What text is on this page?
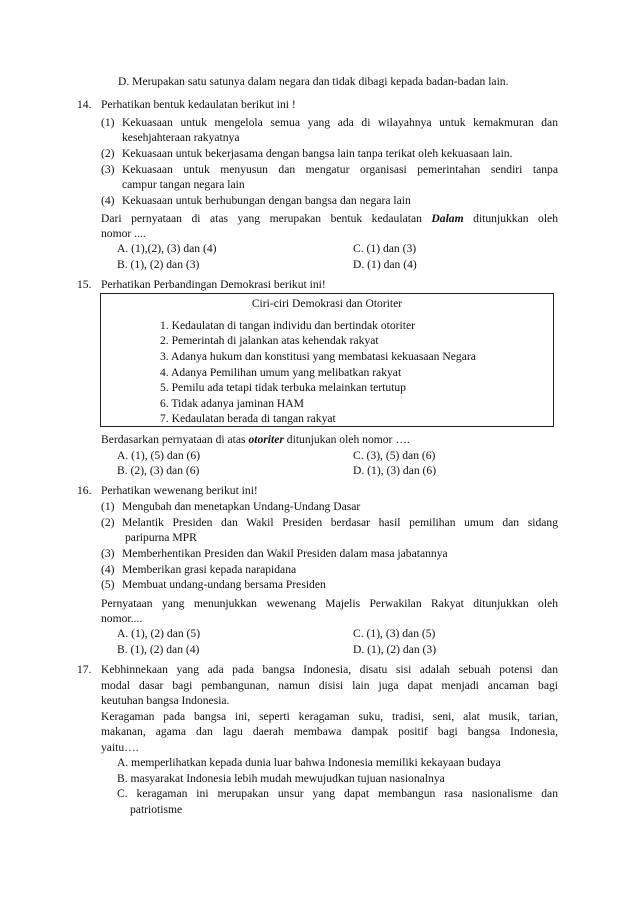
D. Merupakan satu satunya dalam negara dan tidak dibagi kepada badan-badan lain.
14. Perhatikan bentuk kedaulatan berikut ini !
(1) Kekuasaan untuk mengelola semua yang ada di wilayahnya untuk kemakmuran dan
kesehjahteraan rakyatnya
(2) Kekuasaan untuk bekerjasama dengan bangsa lain tanpa terikat oleh kekuasaan lain.
(3) Kekuasaan untuk menyusun dan mengatur organisasi pemerintahan sendiri tanpa
campur tangan negara lain
(4) Kekuasaan untuk berhubungan dengan bangsa dan negara lain
Dari pernyataan di atas yang merupakan bentuk kedaulatan Dalam ditunjukkan oleh
nomor ....
A. (1),(2), (3) dan (4)	C. (1) dan (3)
B. (1), (2) dan (3)	D. (1) dan (4)
15. Perhatikan Perbandingan Demokrasi berikut ini!
Ciri-ciri Demokrasi dan Otoriter
1. Kedaulatan di tangan individu dan bertindak otoriter
2. Pemerintah di jalankan atas kehendak rakyat
3. Adanya hukum dan konstitusi yang membatasi kekuasaan Negara
4. Adanya Pemilihan umum yang melibatkan rakyat
5. Pemilu ada tetapi tidak terbuka melainkan tertutup
6. Tidak adanya jaminan HAM
7. Kedaulatan berada di tangan rakyat
Berdasarkan pernyataan di atas otoriter ditunjukan oleh nomor ….
A. (1), (5) dan (6)	C. (3), (5) dan (6)
B. (2), (3) dan (6)	D. (1), (3) dan (6)
16. Perhatikan wewenang berikut ini!
(1) Mengubah dan menetapkan Undang-Undang Dasar
(2) Melantik Presiden dan Wakil Presiden berdasar hasil pemilihan umum dan sidang
paripurna MPR
(3) Memberhentikan Presiden dan Wakil Presiden dalam masa jabatannya
(4) Memberikan grasi kepada narapidana
(5) Membuat undang-undang bersama Presiden
Pernyataan yang menunjukkan wewenang Majelis Perwakilan Rakyat ditunjukkan oleh
nomor....
A. (1), (2) dan (5)	C. (1), (3) dan (5)
B. (1), (2) dan (4)	D. (1), (2) dan (3)
17. Kebhinnekaan yang ada pada bangsa Indonesia, disatu sisi adalah sebuah potensi dan
modal dasar bagi pembangunan, namun disisi lain juga dapat menjadi ancaman bagi
keutuhan bangsa Indonesia.
Keragaman pada bangsa ini, seperti keragaman suku, tradisi, seni, alat musik, tarian,
makanan, agama dan lagu daerah membawa dampak positif bagi bangsa Indonesia,
yaitu….
A. memperlihatkan kepada dunia luar bahwa Indonesia memiliki kekayaan budaya
B. masyarakat Indonesia lebih mudah mewujudkan tujuan nasionalnya
C. keragaman ini merupakan unsur yang dapat membangun rasa nasionalisme dan
patriotisme
